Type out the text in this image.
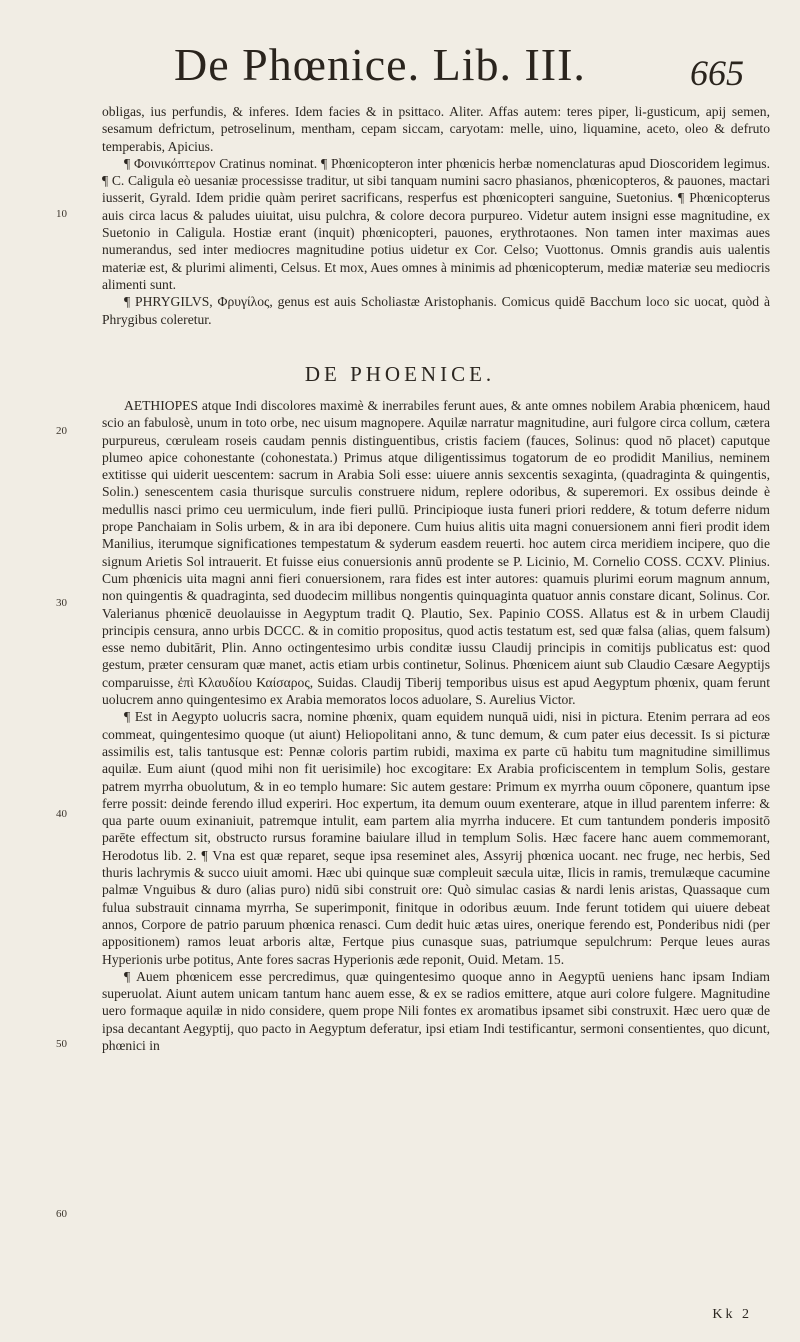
De Phœnice. Lib. III.	665

obligas, ius perfundis, & inferes. Idem facies & in psittaco. Aliter. Affas autem: teres piper, li-gusticum, apij semen, sesamum defrictum, petroselinum, mentham, cepam siccam, caryotam: melle, uino, liquamine, aceto, oleo & defruto temperabis, Apicius.

¶ Φοινικόπτερον Cratinus nominat. ¶ Phœnicopteron inter phœnicis herbæ nomenclaturas apud Dioscoridem legimus. ¶ C. Caligula eò uesaniæ processisse traditur, ut sibi tanquam numini sacro phasianos, phœnicopteros, & pauones, mactari iusserit, Gyrald. Idem pridie quàm periret sacrificans, resperfus est phœnicopteri sanguine, Suetonius. ¶ Phœnicopterus auis circa lacus & paludes uiuitat, uisu pulchra, & colore decora purpureo. Videtur autem insigni esse magnitudine, ex Suetonio in Caligula. Hostiæ erant (inquit) phœnicopteri, pauones, erythrotaones. Non tamen inter maximas aues numerandus, sed inter mediocres magnitudine potius uidetur ex Cor. Celso; Vuottonus. Omnis grandis auis ualentis materiæ est, & plurimi alimenti, Celsus. Et mox, Aues omnes à minimis ad phœnicopterum, mediæ materiæ seu mediocris alimenti sunt.

¶ PHRYGILVS, Φρυγίλος, genus est auis Scholiastæ Aristophanis. Comicus quidē Bacchum loco sic uocat, quòd à Phrygibus coleretur.

DE PHOENICE.

AETHIOPES atque Indi discolores maximè & inerrabiles ferunt aues, & ante omnes nobilem Arabia phœnicem, haud scio an fabulosè, unum in toto orbe, nec uisum magnopere. Aquilæ narratur magnitudine, auri fulgore circa collum, cætera purpureus, cœruleam roseis caudam pennis distinguentibus, cristis faciem (fauces, Solinus: quod nō placet) caputque plumeo apice cohonestante (cohonestata.) Primus atque diligentissimus togatorum de eo prodidit Manilius, neminem extitisse qui uiderit uescentem: sacrum in Arabia Soli esse: uiuere annis sexcentis sexaginta, (quadraginta & quingentis, Solin.) senescentem casia thurisque surculis construere nidum, replere odoribus, & superemori. Ex ossibus deinde è medullis nasci primo ceu uermiculum, inde fieri pullū. Principioque iusta funeri priori reddere, & totum deferre nidum prope Panchaiam in Solis urbem, & in ara ibi deponere. Cum huius alitis uita magni conuersionem anni fieri prodit idem Manilius, iterumque significationes tempestatum & syderum easdem reuerti. hoc autem circa meridiem incipere, quo die signum Arietis Sol intrauerit. Et fuisse eius conuersionis annū prodente se P. Licinio, M. Cornelio COSS. CCXV. Plinius. Cum phœnicis uita magni anni fieri conuersionem, rara fides est inter autores: quamuis plurimi eorum magnum annum, non quingentis & quadraginta, sed duodecim millibus nongentis quinquaginta quatuor annis constare dicant, Solinus. Cor. Valerianus phœnicē deuolauisse in Aegyptum tradit Q. Plautio, Sex. Papinio COSS. Allatus est & in urbem Claudij principis censura, anno urbis DCCC. & in comitio propositus, quod actis testatum est, sed quæ falsa (alias, quem falsum) esse nemo dubitārit, Plin. Anno octingentesimo urbis conditæ iussu Claudij principis in comitijs publicatus est: quod gestum, præter censuram quæ manet, actis etiam urbis continetur, Solinus. Phœnicem aiunt sub Claudio Cæsare Aegyptijs comparuisse, ἐπὶ Κλαυδίου Καίσαρος, Suidas. Claudij Tiberij temporibus uisus est apud Aegyptum phœnix, quam ferunt uolucrem anno quingentesimo ex Arabia memoratos locos aduolare, S. Aurelius Victor.

¶ Est in Aegypto uolucris sacra, nomine phœnix, quam equidem nunquā uidi, nisi in pictura. Etenim perrara ad eos commeat, quingentesimo quoque (ut aiunt) Heliopolitani anno, & tunc demum, & cum pater eius decessit. Is si picturæ assimilis est, talis tantusque est: Pennæ coloris partim rubidi, maxima ex parte cū habitu tum magnitudine simillimus aquilæ. Eum aiunt (quod mihi non fit uerisimile) hoc excogitare: Ex Arabia proficiscentem in templum Solis, gestare patrem myrrha obuolutum, & in eo templo humare: Sic autem gestare: Primum ex myrrha ouum cōponere, quantum ipse ferre possit: deinde ferendo illud experiri. Hoc expertum, ita demum ouum exenterare, atque in illud parentem inferre: & qua parte ouum exinaniuit, patremque intulit, eam partem alia myrrha inducere. Et cum tantundem ponderis impositō parēte effectum sit, obstructo rursus foramine baiulare illud in templum Solis. Hæc facere hanc auem commemorant, Herodotus lib. 2. ¶ Vna est quæ reparet, seque ipsa reseminet ales, Assyrij phœnica uocant. nec fruge, nec herbis, Sed thuris lachrymis & succo uiuit amomi. Hæc ubi quinque suæ compleuit sæcula uitæ, Ilicis in ramis, tremulæque cacumine palmæ Vnguibus & duro (alias puro) nidū sibi construit ore: Quò simulac casias & nardi lenis aristas, Quassaque cum fulua substrauit cinnama myrrha, Se superimponit, finitque in odoribus æuum. Inde ferunt totidem qui uiuere debeat annos, Corpore de patrio paruum phœnica renasci. Cum dedit huic ætas uires, onerique ferendo est, Ponderibus nidi (per appositionem) ramos leuat arboris altæ, Fertque pius cunasque suas, patriumque sepulchrum: Perque leues auras Hyperionis urbe potitus, Ante fores sacras Hyperionis æde reponit, Ouid. Metam. 15.

¶ Auem phœnicem esse percredimus, quæ quingentesimo quoque anno in Aegyptū ueniens hanc ipsam Indiam superuolat. Aiunt autem unicam tantum hanc auem esse, & ex se radios emittere, atque auri colore fulgere. Magnitudine uero formaque aquilæ in nido considere, quem prope Nili fontes ex aromatibus ipsamet sibi construxit. Hæc uero quæ de ipsa decantant Aegyptij, quo pacto in Aegyptum deferatur, ipsi etiam Indi testificantur, sermoni consentientes, quo dicunt, phœnici in

10
20
30
40
50
60
Kk 2
